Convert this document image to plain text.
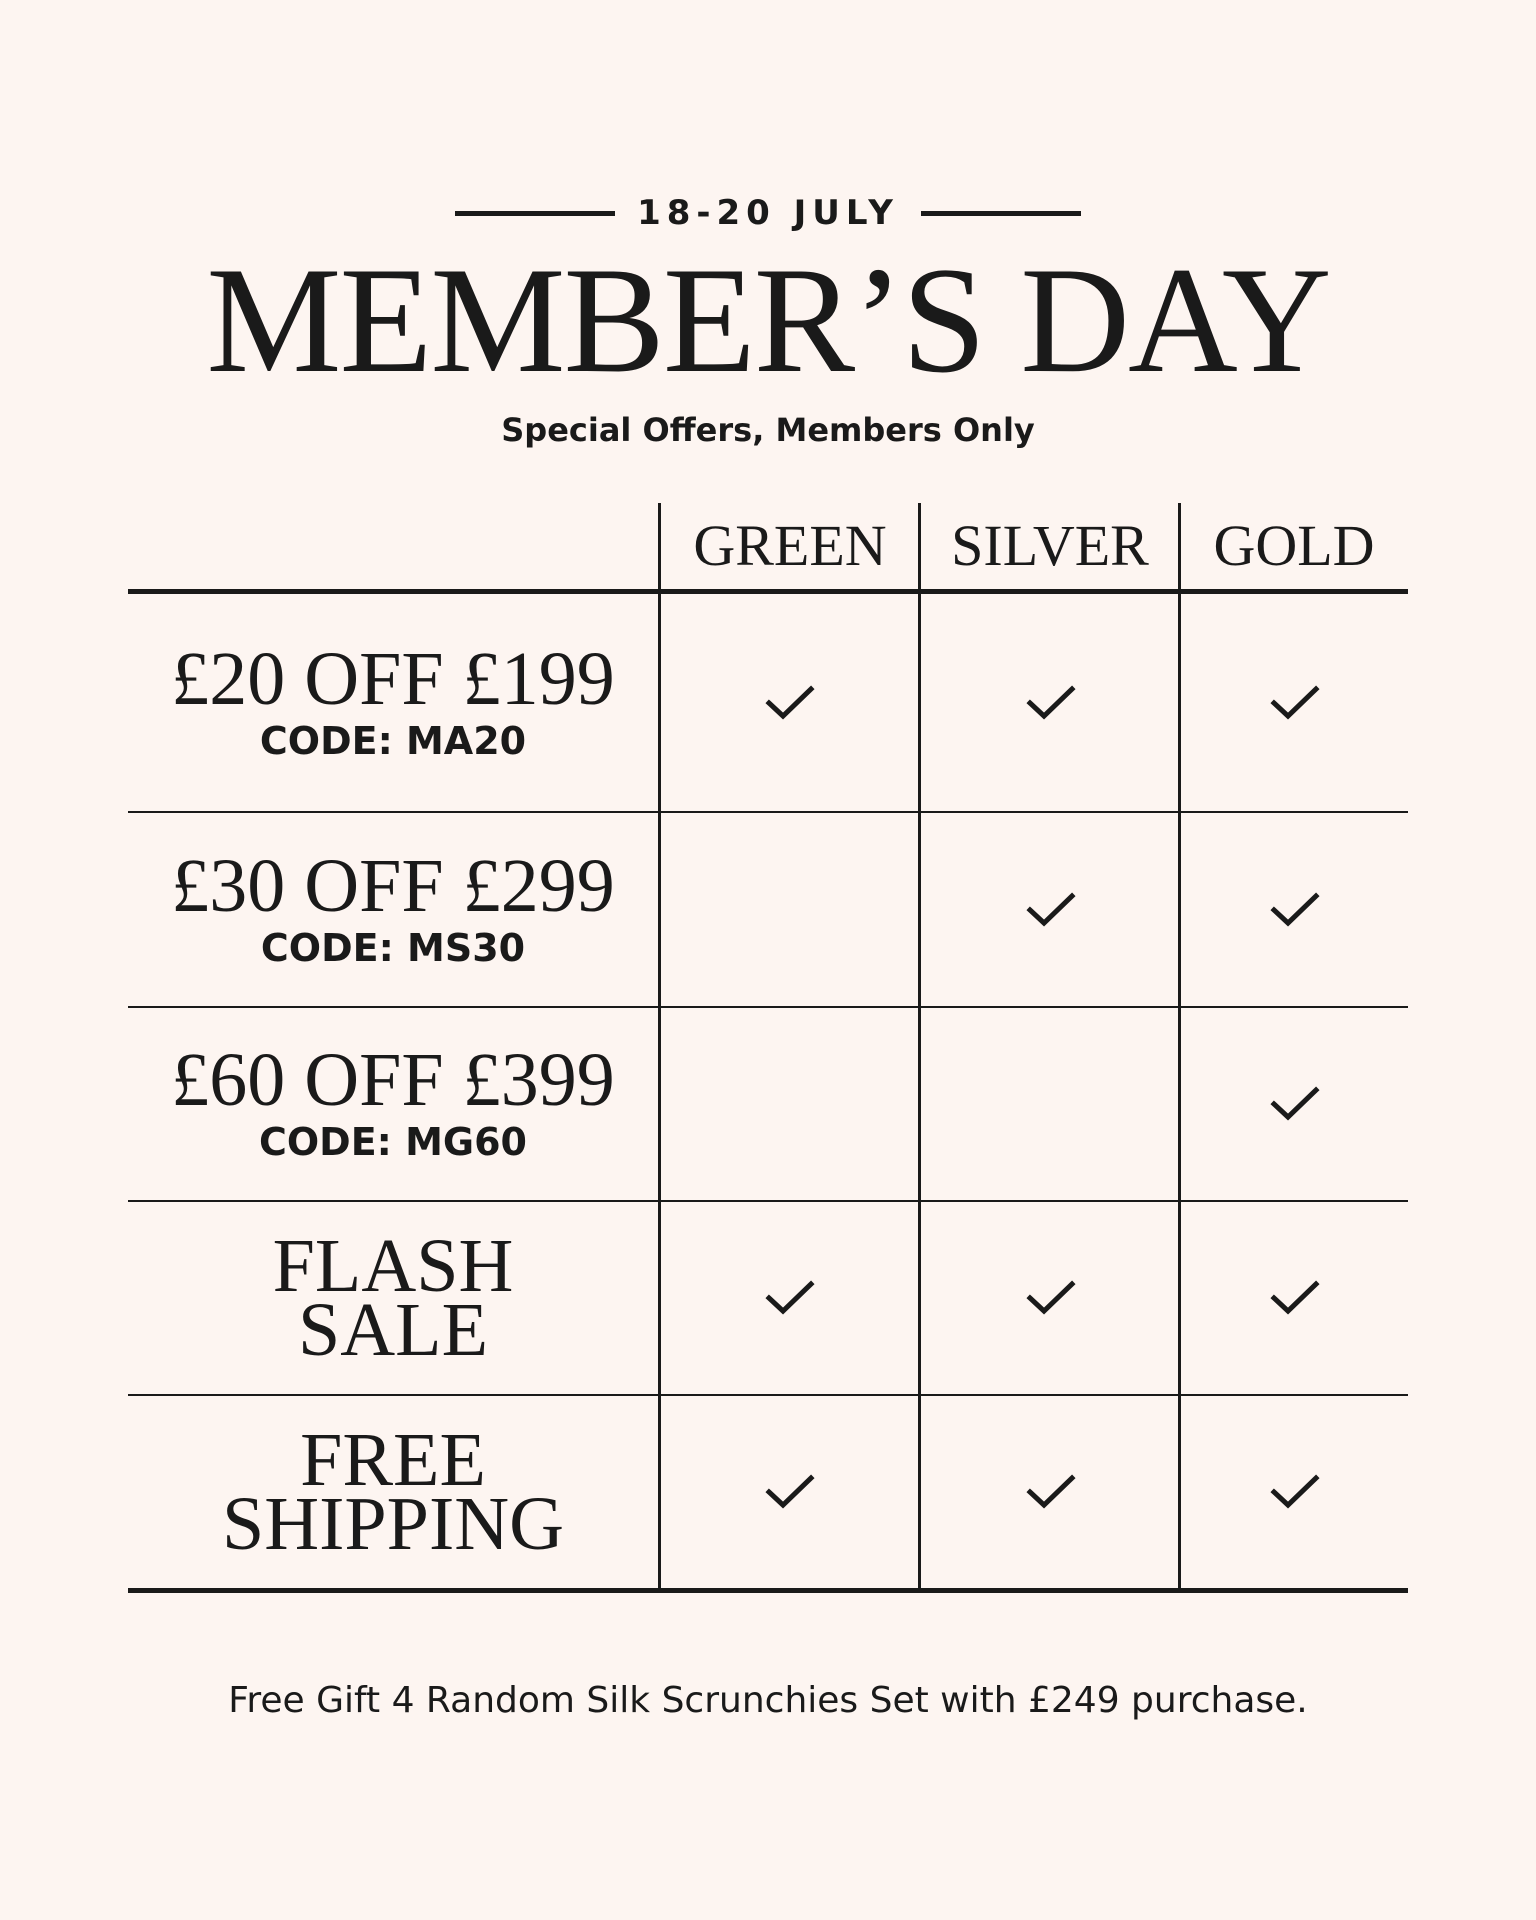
18-20 JULY
MEMBER’S DAY
Special Offers, Members Only
GREEN	SILVER	GOLD
£20 OFF £199
CODE: MA20
£30 OFF £299
CODE: MS30
£60 OFF £399
CODE: MG60
FLASH
SALE
FREE
SHIPPING
Free Gift 4 Random Silk Scrunchies Set with £249 purchase.
